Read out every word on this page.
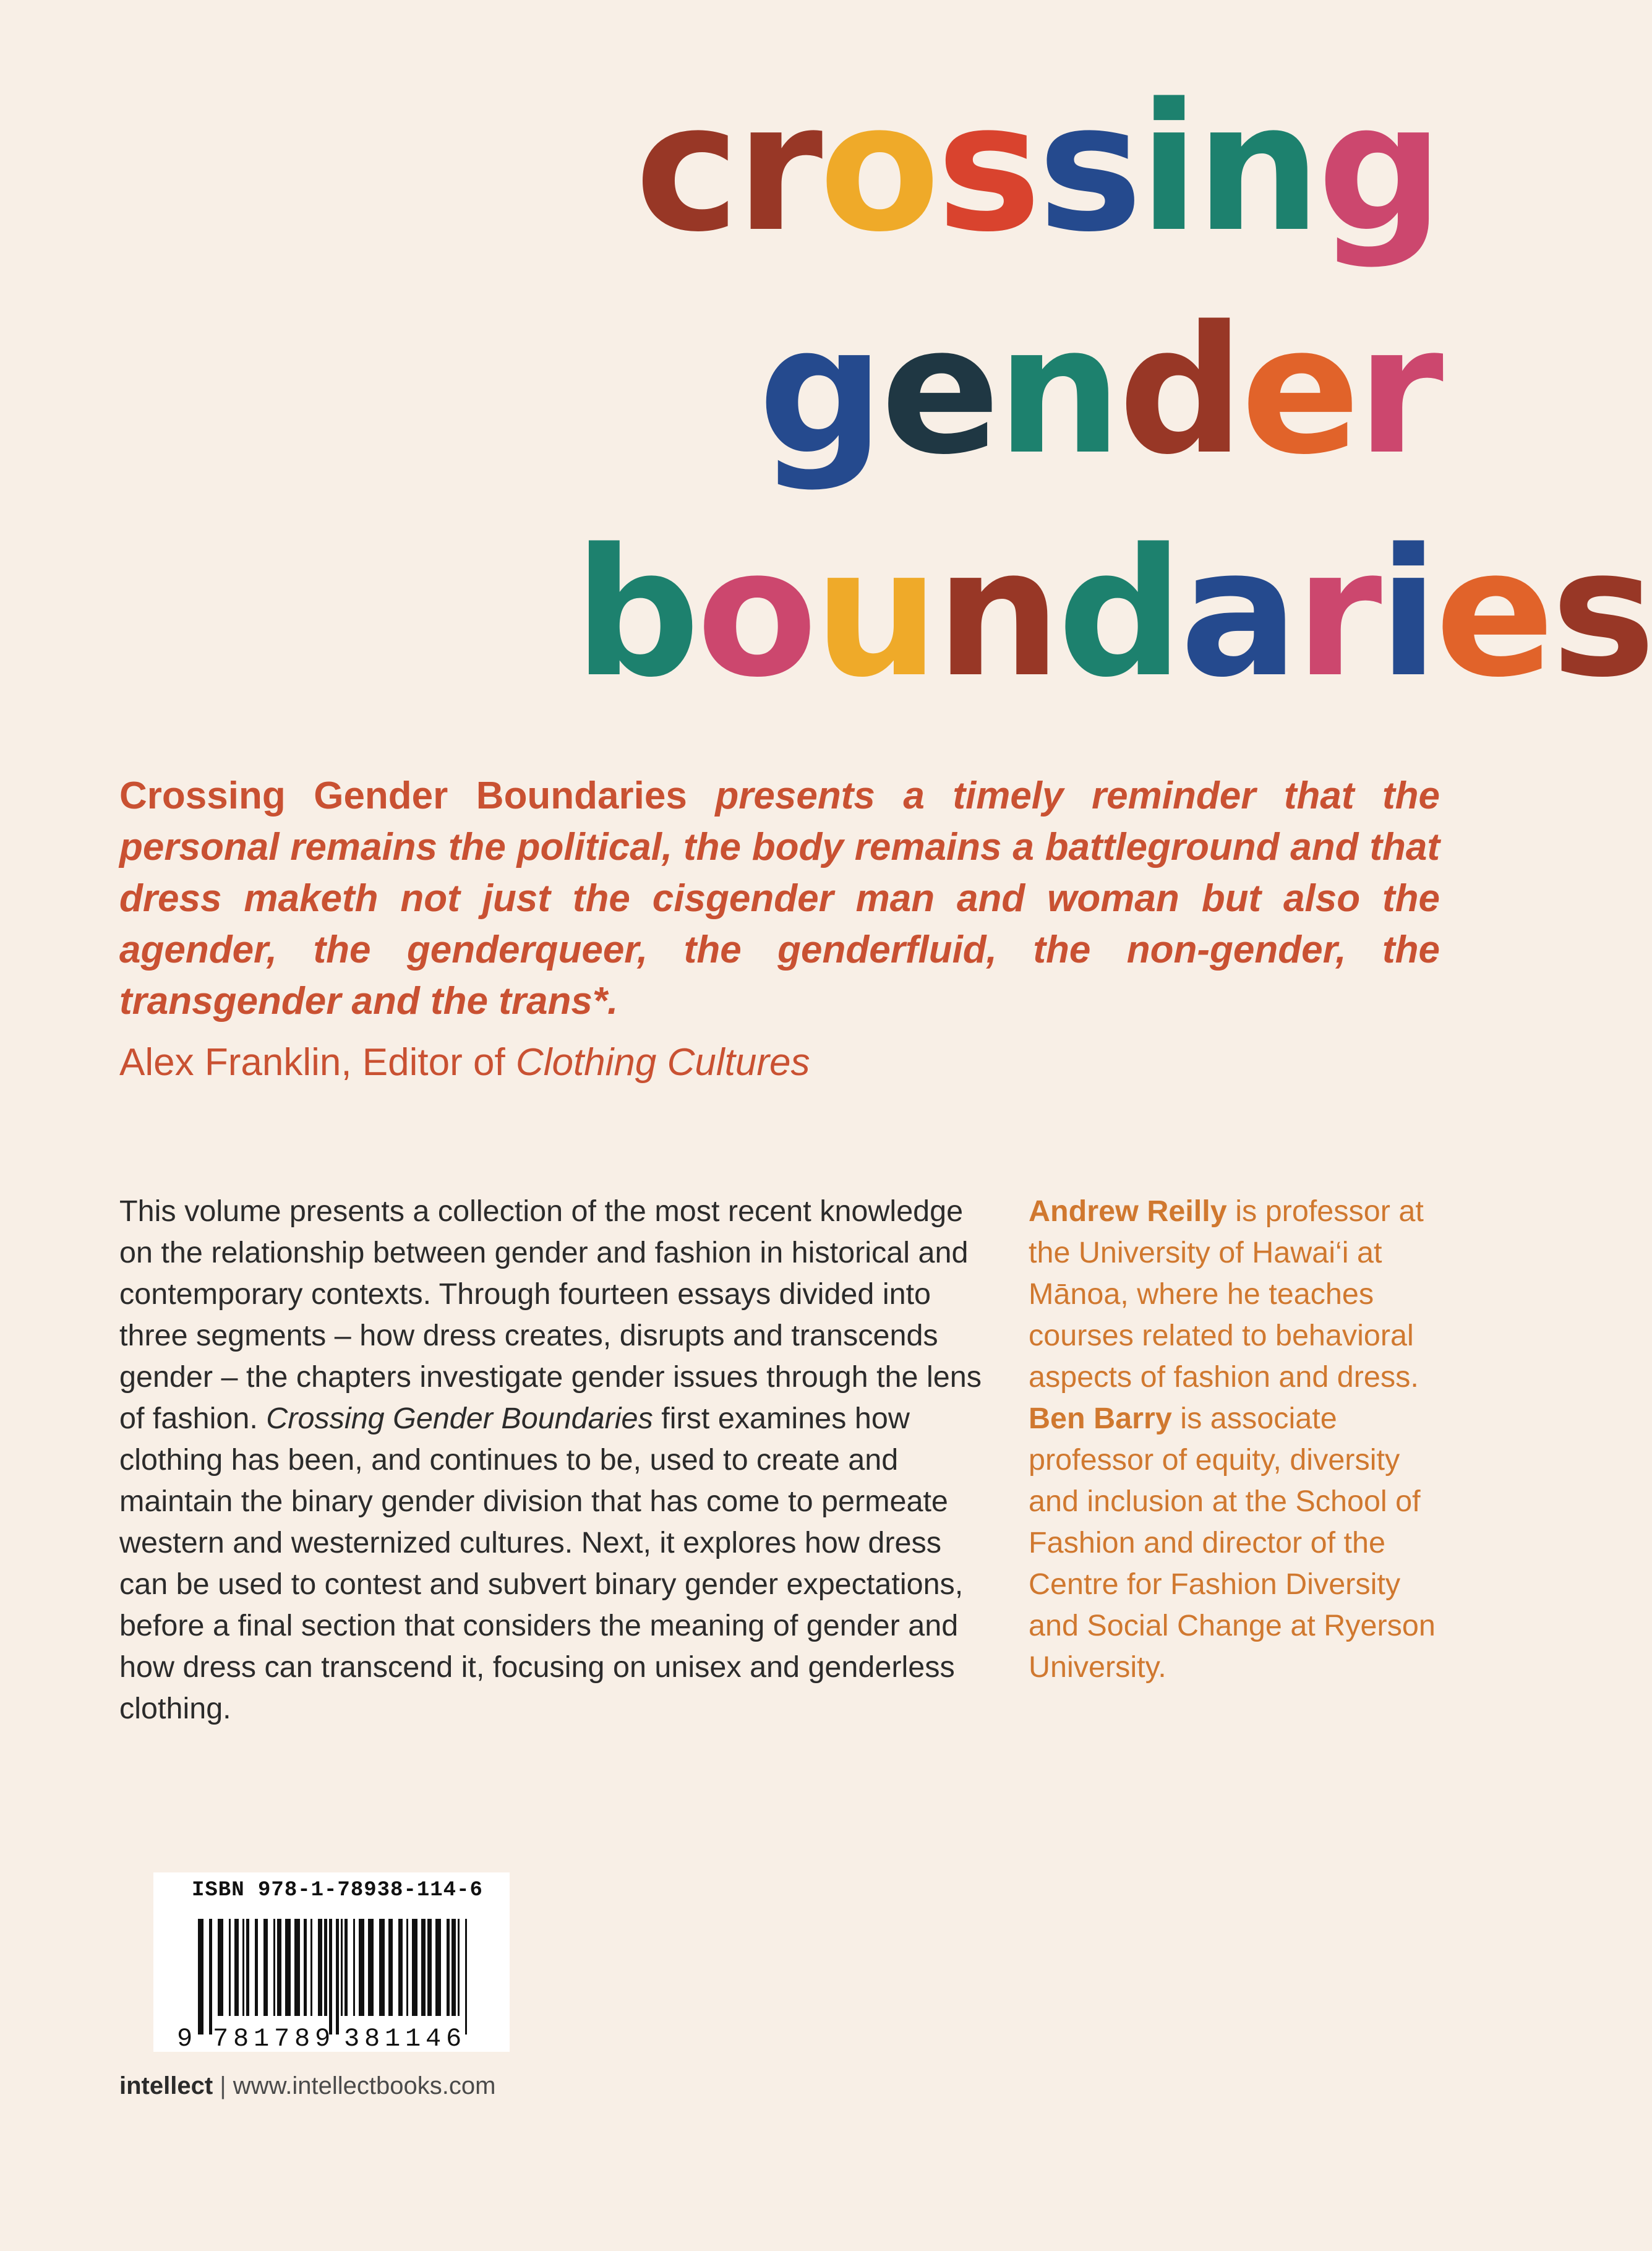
crossing
gender
boundaries

Crossing Gender Boundaries presents a timely reminder that the personal remains the political, the body remains a battleground and that dress maketh not just the cisgender man and woman but also the agender, the genderqueer, the genderfluid, the non-gender, the transgender and the trans*.

Alex Franklin, Editor of Clothing Cultures

This volume presents a collection of the most recent knowledge on the relationship between gender and fashion in historical and contemporary contexts. Through fourteen essays divided into three segments – how dress creates, disrupts and transcends gender – the chapters investigate gender issues through the lens of fashion. Crossing Gender Boundaries first examines how clothing has been, and continues to be, used to create and maintain the binary gender division that has come to permeate western and westernized cultures. Next, it explores how dress can be used to contest and subvert binary gender expectations, before a final section that considers the meaning of gender and how dress can transcend it, focusing on unisex and genderless clothing.

Andrew Reilly is professor at the University of Hawai‘i at Mānoa, where he teaches courses related to behavioral aspects of fashion and dress.
Ben Barry is associate professor of equity, diversity and inclusion at the School of Fashion and director of the Centre for Fashion Diversity and Social Change at Ryerson University.

9 7 8 1 7 8 9 3 8 1 1 4 6
ISBN 978-1-78938-114-6
intellect | www.intellectbooks.com
